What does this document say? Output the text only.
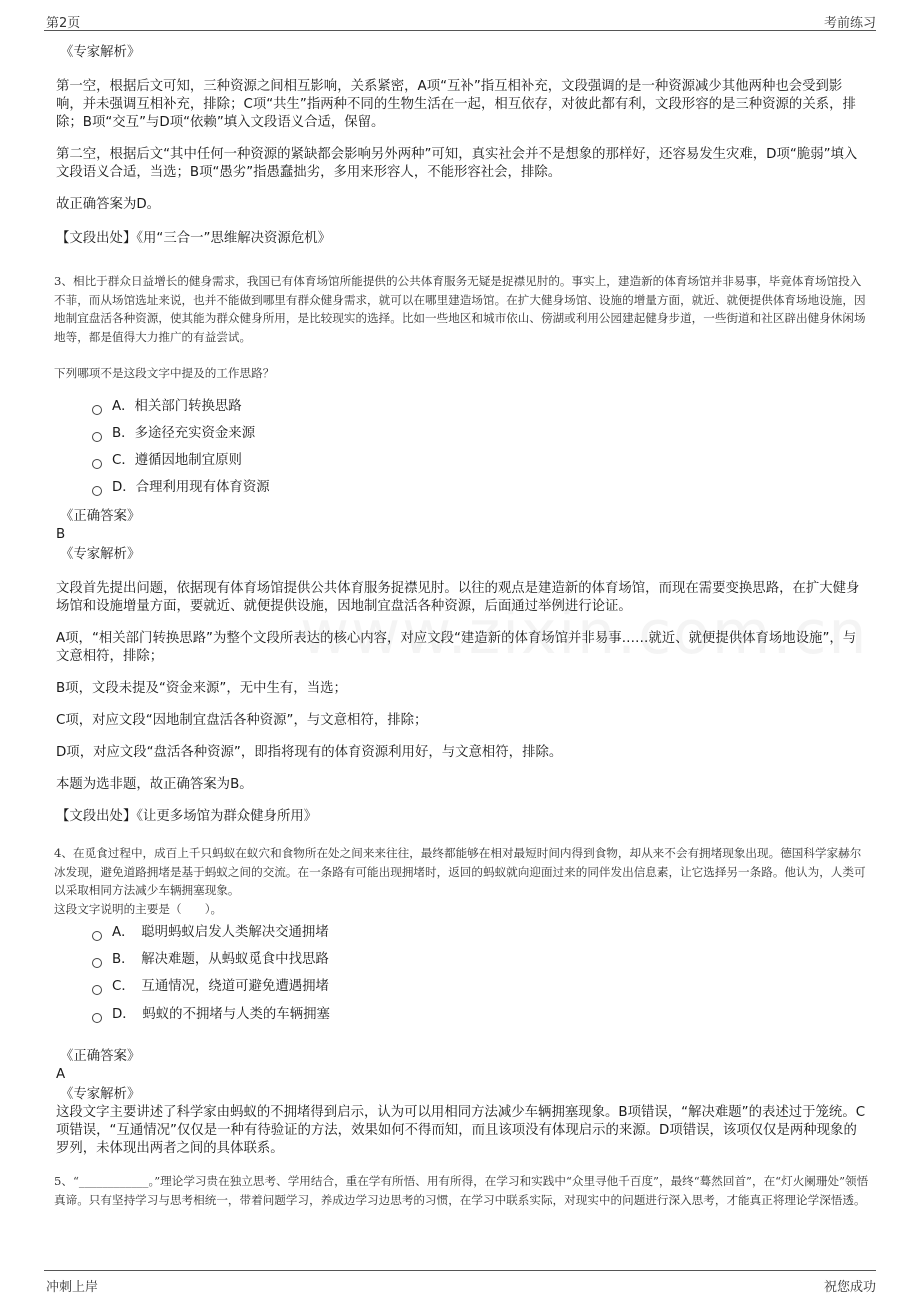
第2页	考前练习

《专家解析》

第一空，根据后文可知，三种资源之间相互影响，关系紧密，A项“互补”指互相补充，文段强调的是一种资源减少其他两种也会受到影响，并未强调互相补充，排除；C项“共生”指两种不同的生物生活在一起，相互依存，对彼此都有利，文段形容的是三种资源的关系，排除；B项“交互”与D项“依赖”填入文段语义合适，保留。

第二空，根据后文“其中任何一种资源的紧缺都会影响另外两种”可知，真实社会并不是想象的那样好，还容易发生灾难，D项“脆弱”填入文段语义合适，当选；B项“愚劣”指愚蠢拙劣，多用来形容人，不能形容社会，排除。

故正确答案为D。

【文段出处】《用“三合一”思维解决资源危机》

3、相比于群众日益增长的健身需求，我国已有体育场馆所能提供的公共体育服务无疑是捉襟见肘的。事实上，建造新的体育场馆并非易事，毕竟体育场馆投入不菲，而从场馆选址来说，也并不能做到哪里有群众健身需求，就可以在哪里建造场馆。在扩大健身场馆、设施的增量方面，就近、就便提供体育场地设施，因地制宜盘活各种资源，使其能为群众健身所用，是比较现实的选择。比如一些地区和城市依山、傍湖或利用公园建起健身步道，一些街道和社区辟出健身休闲场地等，都是值得大力推广的有益尝试。

下列哪项不是这段文字中提及的工作思路？

A．相关部门转换思路
B．多途径充实资金来源
C．遵循因地制宜原则
D．合理利用现有体育资源

《正确答案》

B

《专家解析》

文段首先提出问题，依据现有体育场馆提供公共体育服务捉襟见肘。以往的观点是建造新的体育场馆，而现在需要变换思路，在扩大健身场馆和设施增量方面，要就近、就便提供设施，因地制宜盘活各种资源，后面通过举例进行论证。

A项，“相关部门转换思路”为整个文段所表达的核心内容，对应文段“建造新的体育场馆并非易事……就近、就便提供体育场地设施”，与文意相符，排除；

B项，文段未提及“资金来源”，无中生有，当选；

C项，对应文段“因地制宜盘活各种资源”，与文意相符，排除；

D项，对应文段“盘活各种资源”，即指将现有的体育资源利用好，与文意相符，排除。

本题为选非题，故正确答案为B。

【文段出处】《让更多场馆为群众健身所用》

4、在觅食过程中，成百上千只蚂蚁在蚁穴和食物所在处之间来来往往，最终都能够在相对最短时间内得到食物，却从来不会有拥堵现象出现。德国科学家赫尔冰发现，避免道路拥堵是基于蚂蚁之间的交流。在一条路有可能出现拥堵时，返回的蚂蚁就向迎面过来的同伴发出信息素，让它选择另一条路。他认为，人类可以采取相同方法减少车辆拥塞现象。

这段文字说明的主要是（　　）。

A．　聪明蚂蚁启发人类解决交通拥堵
B．　解决难题，从蚂蚁觅食中找思路
C．　互通情况，绕道可避免遭遇拥堵
D．　蚂蚁的不拥堵与人类的车辆拥塞

《正确答案》

A

《专家解析》

这段文字主要讲述了科学家由蚂蚁的不拥堵得到启示，认为可以用相同方法减少车辆拥塞现象。B项错误，“解决难题”的表述过于笼统。C项错误，“互通情况”仅仅是一种有待验证的方法，效果如何不得而知，而且该项没有体现启示的来源。D项错误，该项仅仅是两种现象的罗列，未体现出两者之间的具体联系。

5、“____________。”理论学习贵在独立思考、学用结合，重在学有所悟、用有所得，在学习和实践中“众里寻他千百度”，最终“蓦然回首”，在“灯火阑珊处”领悟真谛。只有坚持学习与思考相统一，带着问题学习，养成边学习边思考的习惯，在学习中联系实际，对现实中的问题进行深入思考，才能真正将理论学深悟透。

冲刺上岸	祝您成功
